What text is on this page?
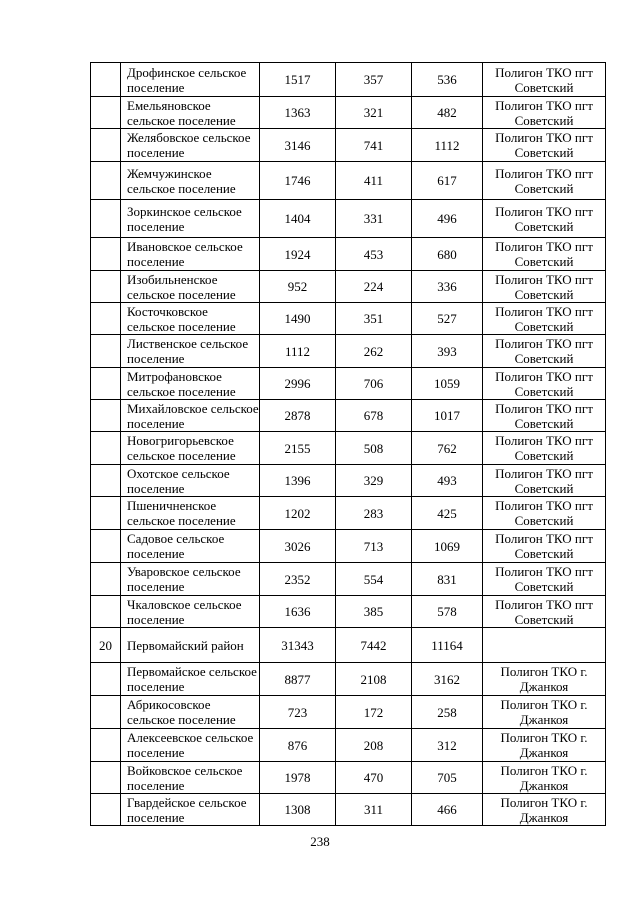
	Дрофинское сельское поселение	1517	357	536	Полигон ТКО пгт Советский
	Емельяновское сельское поселение	1363	321	482	Полигон ТКО пгт Советский
	Желябовское сельское поселение	3146	741	1112	Полигон ТКО пгт Советский
	Жемчужинское сельское поселение	1746	411	617	Полигон ТКО пгт Советский
	Зоркинское сельское поселение	1404	331	496	Полигон ТКО пгт Советский
	Ивановское сельское поселение	1924	453	680	Полигон ТКО пгт Советский
	Изобильненское сельское поселение	952	224	336	Полигон ТКО пгт Советский
	Косточковское сельское поселение	1490	351	527	Полигон ТКО пгт Советский
	Лиственское сельское поселение	1112	262	393	Полигон ТКО пгт Советский
	Митрофановское сельское поселение	2996	706	1059	Полигон ТКО пгт Советский
	Михайловское сельское поселение	2878	678	1017	Полигон ТКО пгт Советский
	Новогригорьевское сельское поселение	2155	508	762	Полигон ТКО пгт Советский
	Охотское сельское поселение	1396	329	493	Полигон ТКО пгт Советский
	Пшеничненское сельское поселение	1202	283	425	Полигон ТКО пгт Советский
	Садовое сельское поселение	3026	713	1069	Полигон ТКО пгт Советский
	Уваровское сельское поселение	2352	554	831	Полигон ТКО пгт Советский
	Чкаловское сельское поселение	1636	385	578	Полигон ТКО пгт Советский
20	Первомайский район	31343	7442	11164	
	Первомайское сельское поселение	8877	2108	3162	Полигон ТКО г. Джанкоя
	Абрикосовское сельское поселение	723	172	258	Полигон ТКО г. Джанкоя
	Алексеевское сельское поселение	876	208	312	Полигон ТКО г. Джанкоя
	Войковское сельское поселение	1978	470	705	Полигон ТКО г. Джанкоя
	Гвардейское сельское поселение	1308	311	466	Полигон ТКО г. Джанкоя
238
